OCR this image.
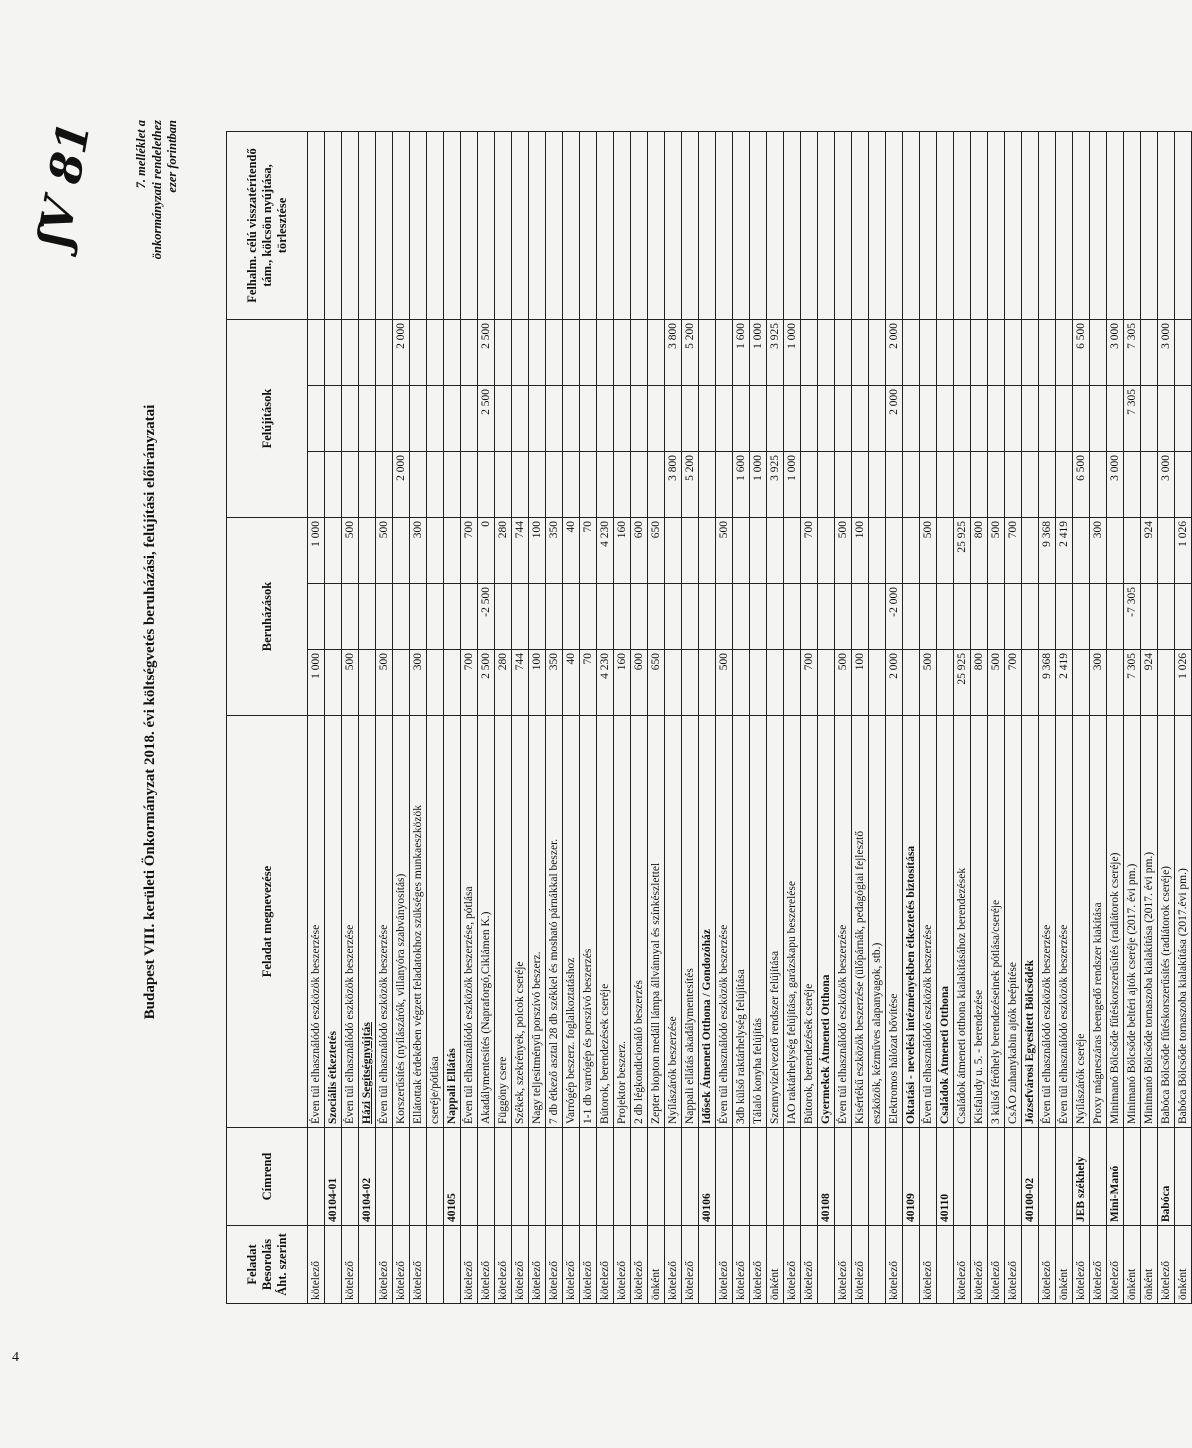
Budapest VIII. kerületi Önkormányzat 2018. évi költségvetés beruházási, felújítási előirányzatai
7. melléklet a önkormányzati rendelethez ezer forintban
ʃV 81
Feladat Besorolás Áht. szerint	Címrend	Feladat megnevezése	Beruházások			Felújítások			Felhalm. célú visszatérítendő tám., kölcsön nyújtása, törlesztése
kötelező		Éven túl elhasználódó eszközök beszerzése	1 000		1 000				
	40104-01	Szociális étkeztetés							
kötelező		Éven túl elhasználódó eszközök beszerzése	500		500				
	40104-02	Házi Segítségnyújtás							
kötelező		Éven túl elhasználódó eszközök beszerzése	500		500				
kötelező		Korszerűsítés (nyílászárók, villanyóra szabványosítás)				2 000		2 000	
kötelező		Ellátottak érdekében végzett feladatokhoz szükséges munkaeszközök	300		300				
		cseréje/pótlása							
	40105	Nappali Ellátás							
kötelező		Éven túl elhasználódó eszközök beszerzése, pótlása	700		700				
kötelező		Akadálymentesítés (Napraforgó,Ciklámen K.)	2 500	-2 500	0		2 500	2 500	
kötelező		Függöny csere	280		280				
kötelező		Székek, szekrények, polcok cseréje	744		744				
kötelező		Nagy teljesítményű porszívó beszerz.	100		100				
kötelező		7 db étkező asztal 28 db székkel és mosható párnákkal beszer.	350		350				
kötelező		Varrógép beszerz. foglalkoztatáshoz	40		40				
kötelező		1-1 db varrógép és porszívó beszerzés	70		70				
kötelező		Bútorok, berendezések cseréje	4 230		4 230				
kötelező		Projektor beszerz.	160		160				
kötelező		2 db légkondicionáló beszerzés	600		600				
önként		Zepter biopton medáll lámpa állvánnyal és színkészlettel	650		650				
kötelező		Nyílászárók beszerzése				3 800		3 800	
kötelező		Nappali ellátás akadálymentesítés				5 200		5 200	
	40106	Idősek Átmeneti Otthona / Gondozóház							
kötelező		Éven túl elhasználódó eszközök beszerzése	500		500				
kötelező		3db külső raktárhelység felújítása				1 600		1 600	
kötelező		Tálaló konyha felújítás				1 000		1 000	
önként		Szennyvízelvezető rendszer felújítása				3 925		3 925	
kötelező		IAO raktárhelység felújítása, garázskapu beszerelése				1 000		1 000	
kötelező		Bútorok, berendezések cseréje	700		700				
	40108	Gyermekek Átmeneti Otthona							
kötelező		Éven túl elhasználódó eszközök beszerzése	500		500				
kötelező		Kisértékű eszközök beszerzése (ülőpárnák, pedagógiai fejlesztő	100		100				
		eszközök, kézműves alapanyagok, stb.)							
kötelező		Elektromos hálózat bővítése	2 000	-2 000			2 000	2 000	
	40109	Oktatási - nevelési intézményekben étkeztetés biztosítása							
kötelező		Éven túl elhasználódó eszközök beszerzése	500		500				
	40110	Családok Átmeneti Otthona							
kötelező		Családok átmeneti otthona kialakításához berendezések	25 925		25 925				
kötelező		Kisfaludy u. 5. - berendezése	800		800				
kötelező		3 külső férőhely berendezéseinek pótlása/cseréje	500		500				
kötelező		CsÁO zuhanykabin ajtók beépítése	700		700				
	40100-02	Józsefvárosi Egyesített Bölcsődék							
kötelező		Éven túl elhasználódó eszközök beszerzése	9 368		9 368				
önként		Éven túl elhasználódó eszközök beszerzése	2 419		2 419				
kötelező	JEB székhely	Nyílászárók cseréje				6 500		6 500	
kötelező		Proxy mágneszáras beengedő rendszer kiakítása	300		300				
kötelező	Mini-Manó	Minimanó Bölcsőde fűtéskorszerűsítés (radiátorok cseréje)				3 000		3 000	
önként		Minimanó Bölcsőde beltéri ajtók cseréje (2017. évi pm.)	7 305	-7 305			7 305	7 305	
önként		Minimanó Bölcsőde tornaszoba kialakítása (2017. évi pm.)	924		924				
kötelező	Babóca	Babóca Bölcsőde fűtéskorszerűsítés (radiátorok cseréje)				3 000		3 000	
önként		Babóca Bölcsőde tornaszoba kialakítása (2017.évi pm.)	1 026		1 026				
4
